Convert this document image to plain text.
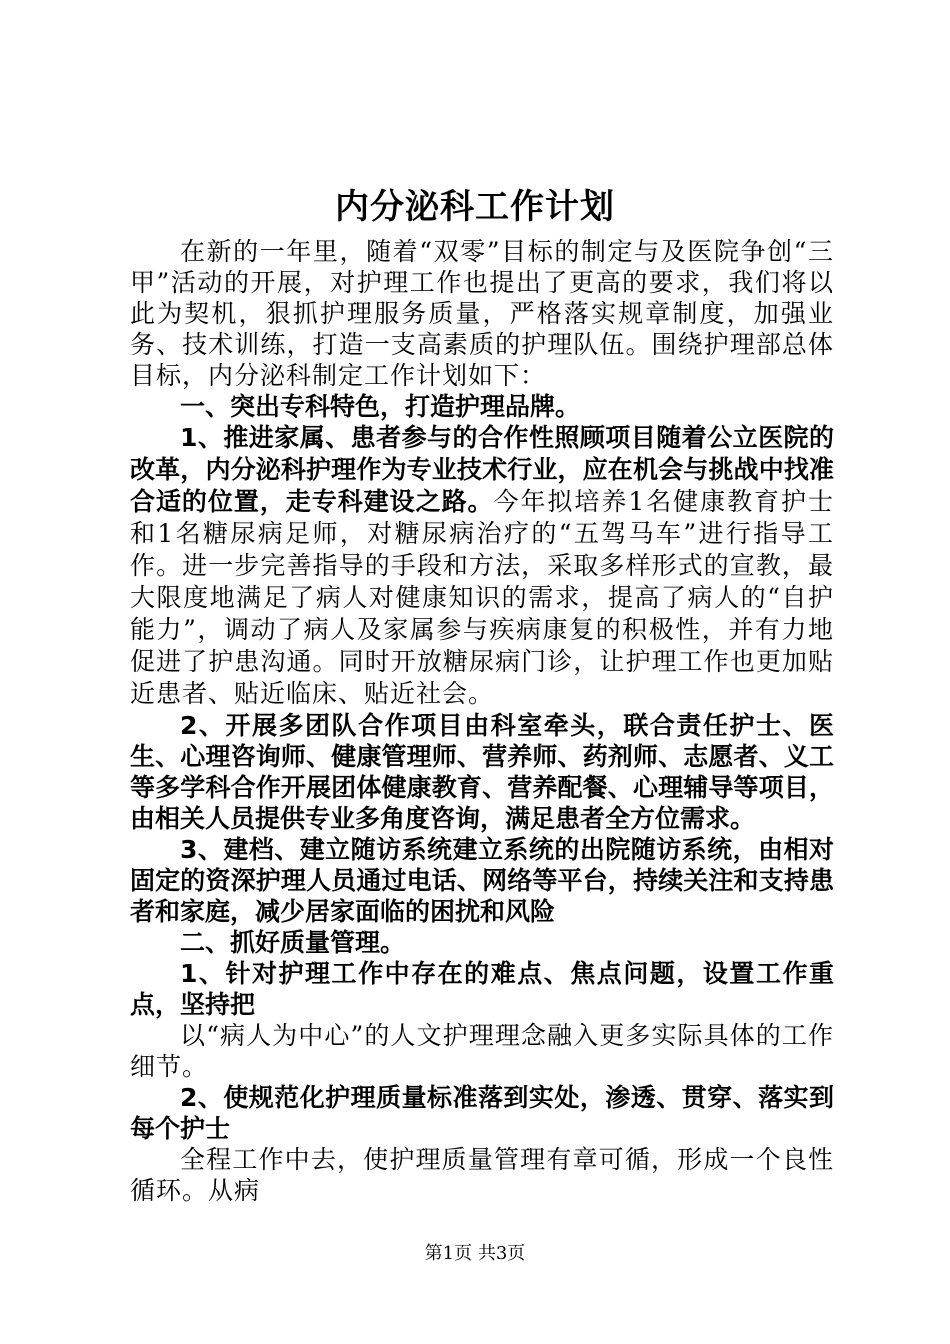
内分泌科工作计划

在新的一年里，随着“双零”目标的制定与及医院争创“三甲”活动的开展，对护理工作也提出了更高的要求，我们将以此为契机，狠抓护理服务质量，严格落实规章制度，加强业务、技术训练，打造一支高素质的护理队伍。围绕护理部总体目标，内分泌科制定工作计划如下：

一、突出专科特色，打造护理品牌。

1、推进家属、患者参与的合作性照顾项目随着公立医院的改革，内分泌科护理作为专业技术行业，应在机会与挑战中找准合适的位置，走专科建设之路。今年拟培养1名健康教育护士和1名糖尿病足师，对糖尿病治疗的“五驾马车”进行指导工作。进一步完善指导的手段和方法，采取多样形式的宣教，最大限度地满足了病人对健康知识的需求，提高了病人的“自护能力”，调动了病人及家属参与疾病康复的积极性，并有力地促进了护患沟通。同时开放糖尿病门诊，让护理工作也更加贴近患者、贴近临床、贴近社会。

2、开展多团队合作项目由科室牵头，联合责任护士、医生、心理咨询师、健康管理师、营养师、药剂师、志愿者、义工等多学科合作开展团体健康教育、营养配餐、心理辅导等项目，由相关人员提供专业多角度咨询，满足患者全方位需求。

3、建档、建立随访系统建立系统的出院随访系统，由相对固定的资深护理人员通过电话、网络等平台，持续关注和支持患者和家庭，减少居家面临的困扰和风险

二、抓好质量管理。

1、针对护理工作中存在的难点、焦点问题，设置工作重点，坚持把

以“病人为中心”的人文护理理念融入更多实际具体的工作细节。

2、使规范化护理质量标准落到实处，渗透、贯穿、落实到每个护士

全程工作中去，使护理质量管理有章可循，形成一个良性循环。从病

第1页 共3页
